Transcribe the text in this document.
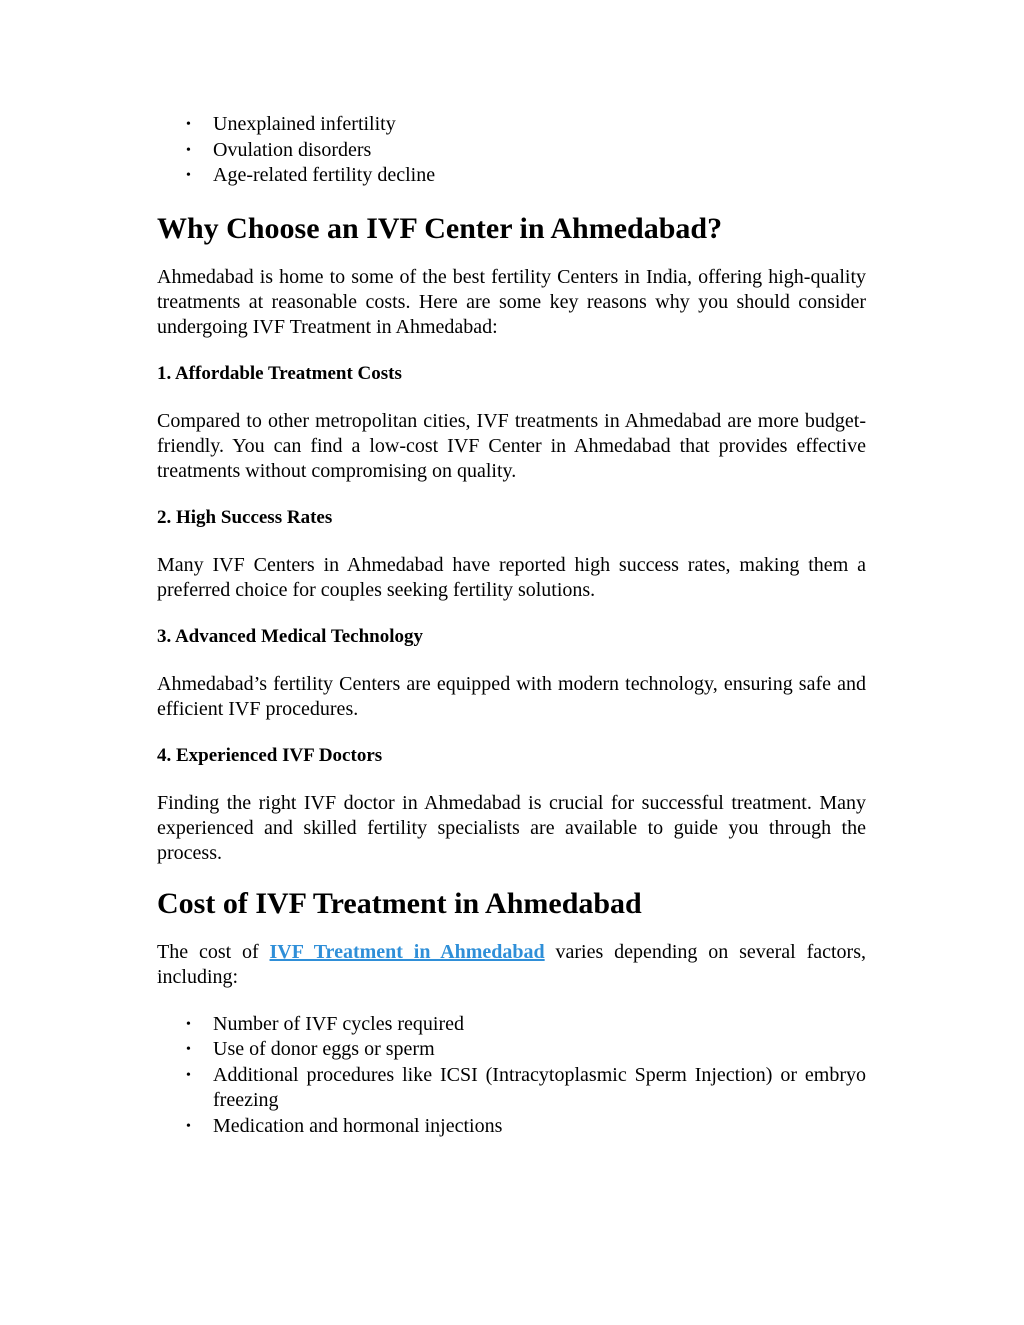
• Unexplained infertility
• Ovulation disorders
• Age-related fertility decline
Why Choose an IVF Center in Ahmedabad?

Ahmedabad is home to some of the best fertility Centers in India, offering high-quality treatments at reasonable costs. Here are some key reasons why you should consider undergoing IVF Treatment in Ahmedabad:

1. Affordable Treatment Costs

Compared to other metropolitan cities, IVF treatments in Ahmedabad are more budget-friendly. You can find a low-cost IVF Center in Ahmedabad that provides effective treatments without compromising on quality.

2. High Success Rates

Many IVF Centers in Ahmedabad have reported high success rates, making them a preferred choice for couples seeking fertility solutions.

3. Advanced Medical Technology

Ahmedabad’s fertility Centers are equipped with modern technology, ensuring safe and efficient IVF procedures.

4. Experienced IVF Doctors

Finding the right IVF doctor in Ahmedabad is crucial for successful treatment. Many experienced and skilled fertility specialists are available to guide you through the process.

Cost of IVF Treatment in Ahmedabad

The cost of IVF Treatment in Ahmedabad varies depending on several factors, including:

• Number of IVF cycles required
• Use of donor eggs or sperm
• Additional procedures like ICSI (Intracytoplasmic Sperm Injection) or embryo freezing
• Medication and hormonal injections
